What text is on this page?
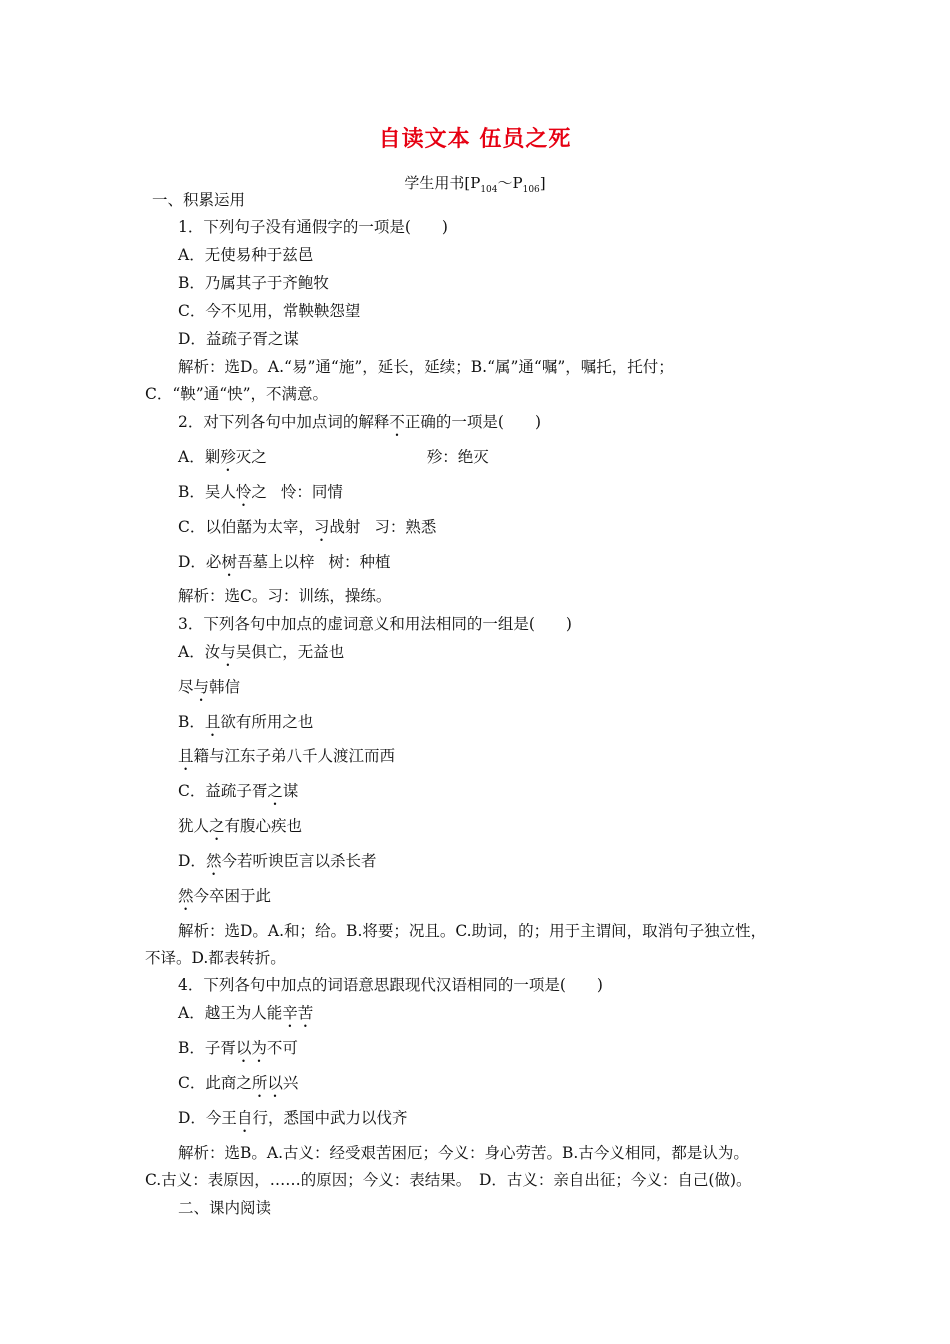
自读文本 伍员之死
学生用书$[P_{104}\sim P_{106}]$
一、积累运用
1．下列句子没有通假字的一项是(　　)
A．无使易种于兹邑
B．乃属其子于齐鲍牧
C．今不见用，常鞅鞅怨望
D．益疏子胥之谋
解析：选D。A.“易”通“施”，延长，延续；B.“属”通“嘱”，嘱托，托付；
C．“鞅”通“怏”，不满意。
2．对下列各句中加点词的解释不正确的一项是(　　)
A．剿殄灭之	殄：绝灭
B．吴人怜之 怜：同情
C．以伯嚭为太宰，习战射 习：熟悉
D．必树吾墓上以梓 树：种植
解析：选C。习：训练，操练。
3．下列各句中加点的虚词意义和用法相同的一组是(　　)
A．汝与吴俱亡，无益也
尽与韩信
B．且欲有所用之也
且籍与江东子弟八千人渡江而西
C．益疏子胥之谋
犹人之有腹心疾也
D．然今若听谀臣言以杀长者
然今卒困于此
解析：选D。A.和；给。B.将要；况且。C.助词，的；用于主谓间，取消句子独立性，
不译。D.都表转折。
4．下列各句中加点的词语意思跟现代汉语相同的一项是(　　)
A．越王为人能辛苦
B．子胥以为不可
C．此商之所以兴
D．今王自行，悉国中武力以伐齐
解析：选B。A.古义：经受艰苦困厄；今义：身心劳苦。B.古今义相同，都是认为。
C.古义：表原因，……的原因；今义：表结果。　D．古义：亲自出征；今义：自己(做)。
二、课内阅读
